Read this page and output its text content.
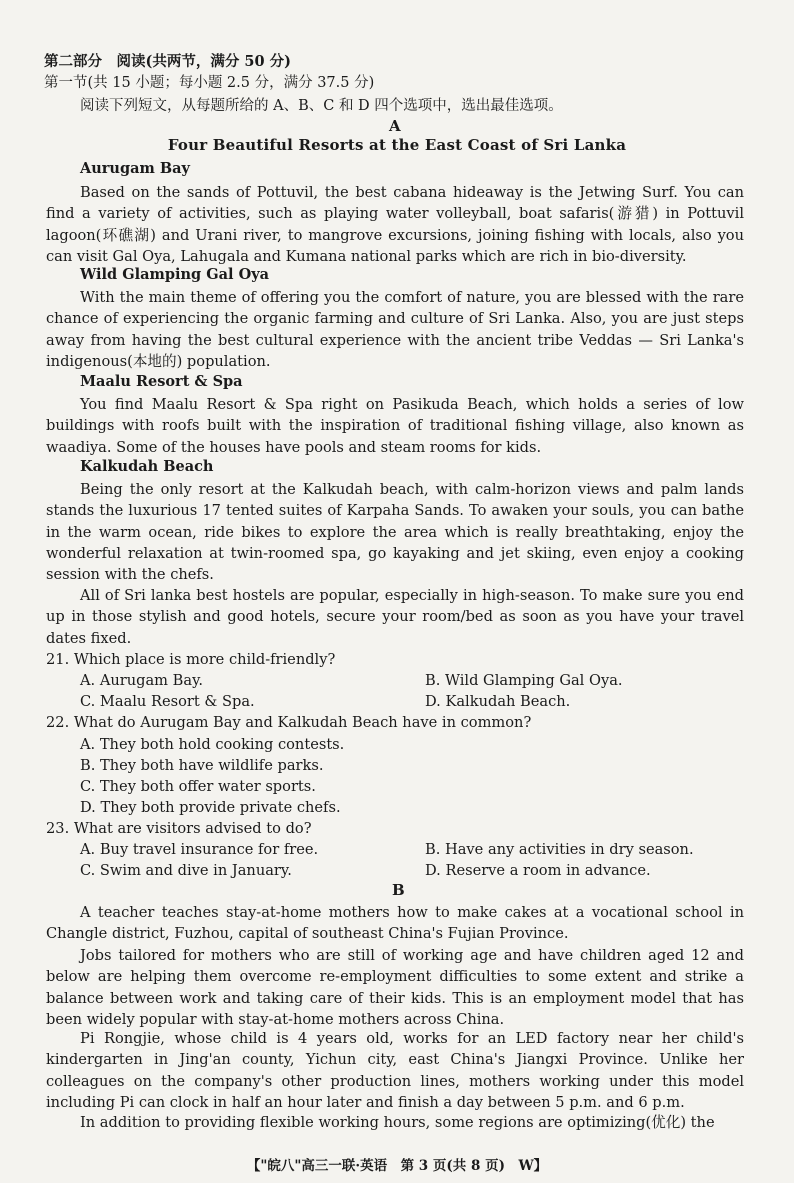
第二部分　阅读(共两节，满分 50 分)
第一节(共 15 小题；每小题 2.5 分，满分 37.5 分)
阅读下列短文，从每题所给的 A、B、C 和 D 四个选项中，选出最佳选项。
A
Four Beautiful Resorts at the East Coast of Sri Lanka
Aurugam Bay
Based on the sands of Pottuvil, the best cabana hideaway is the Jetwing Surf. You can find a variety of activities, such as playing water volleyball, boat safaris(游猎) in Pottuvil lagoon(环礁湖) and Urani river, to mangrove excursions, joining fishing with locals, also you can visit Gal Oya, Lahugala and Kumana national parks which are rich in bio-diversity.
Wild Glamping Gal Oya
With the main theme of offering you the comfort of nature, you are blessed with the rare chance of experiencing the organic farming and culture of Sri Lanka. Also, you are just steps away from having the best cultural experience with the ancient tribe Veddas — Sri Lanka's indigenous(本地的) population.
Maalu Resort & Spa
You find Maalu Resort & Spa right on Pasikuda Beach, which holds a series of low buildings with roofs built with the inspiration of traditional fishing village, also known as waadiya. Some of the houses have pools and steam rooms for kids.
Kalkudah Beach
Being the only resort at the Kalkudah beach, with calm-horizon views and palm lands stands the luxurious 17 tented suites of Karpaha Sands. To awaken your souls, you can bathe in the warm ocean, ride bikes to explore the area which is really breathtaking, enjoy the wonderful relaxation at twin-roomed spa, go kayaking and jet skiing, even enjoy a cooking session with the chefs.
All of Sri lanka best hostels are popular, especially in high-season. To make sure you end up in those stylish and good hotels, secure your room/bed as soon as you have your travel dates fixed.
21. Which place is more child-friendly?
A. Aurugam Bay.	B. Wild Glamping Gal Oya.
C. Maalu Resort & Spa.	D. Kalkudah Beach.
22. What do Aurugam Bay and Kalkudah Beach have in common?
A. They both hold cooking contests.
B. They both have wildlife parks.
C. They both offer water sports.
D. They both provide private chefs.
23. What are visitors advised to do?
A. Buy travel insurance for free.	B. Have any activities in dry season.
C. Swim and dive in January.	D. Reserve a room in advance.
B
A teacher teaches stay-at-home mothers how to make cakes at a vocational school in Changle district, Fuzhou, capital of southeast China's Fujian Province.
Jobs tailored for mothers who are still of working age and have children aged 12 and below are helping them overcome re-employment difficulties to some extent and strike a balance between work and taking care of their kids. This is an employment model that has been widely popular with stay-at-home mothers across China.
Pi Rongjie, whose child is 4 years old, works for an LED factory near her child's kindergarten in Jing'an county, Yichun city, east China's Jiangxi Province. Unlike her colleagues on the company's other production lines, mothers working under this model including Pi can clock in half an hour later and finish a day between 5 p.m. and 6 p.m.
In addition to providing flexible working hours, some regions are optimizing(优化) the
【"皖八"高三一联·英语　第 3 页(共 8 页)　W】
